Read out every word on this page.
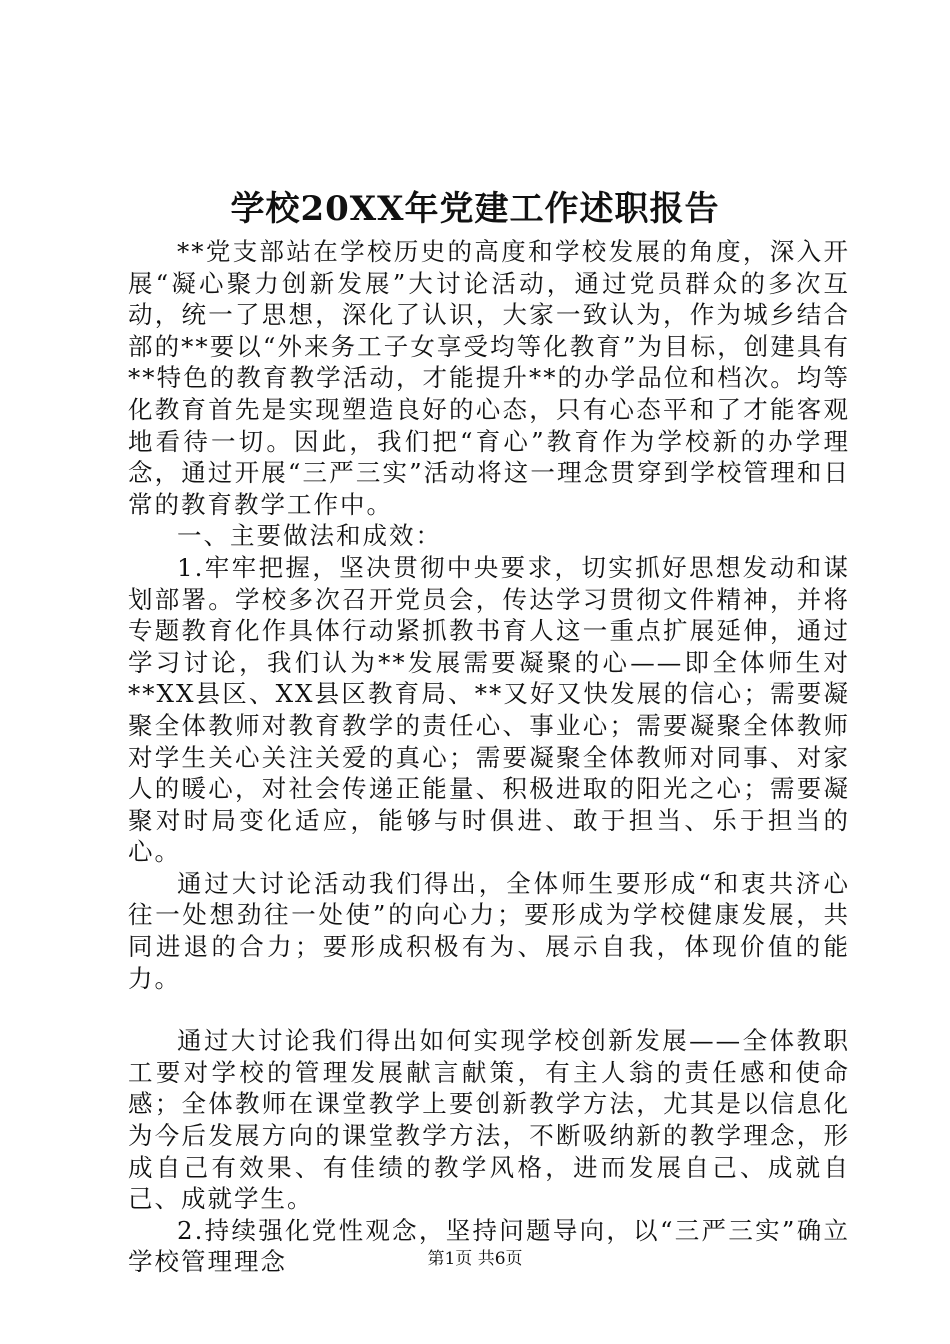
学校20XX年党建工作述职报告

**党支部站在学校历史的高度和学校发展的角度，深入开展“凝心聚力创新发展”大讨论活动，通过党员群众的多次互动，统一了思想，深化了认识，大家一致认为，作为城乡结合部的**要以“外来务工子女享受均等化教育”为目标，创建具有**特色的教育教学活动，才能提升**的办学品位和档次。均等化教育首先是实现塑造良好的心态，只有心态平和了才能客观地看待一切。因此，我们把“育心”教育作为学校新的办学理念，通过开展“三严三实”活动将这一理念贯穿到学校管理和日常的教育教学工作中。

一、主要做法和成效：

1.牢牢把握，坚决贯彻中央要求，切实抓好思想发动和谋划部署。学校多次召开党员会，传达学习贯彻文件精神，并将专题教育化作具体行动紧抓教书育人这一重点扩展延伸，通过学习讨论，我们认为**发展需要凝聚的心——即全体师生对**XX县区、XX县区教育局、**又好又快发展的信心；需要凝聚全体教师对教育教学的责任心、事业心；需要凝聚全体教师对学生关心关注关爱的真心；需要凝聚全体教师对同事、对家人的暖心，对社会传递正能量、积极进取的阳光之心；需要凝聚对时局变化适应，能够与时俱进、敢于担当、乐于担当的心。

通过大讨论活动我们得出，全体师生要形成“和衷共济心往一处想劲往一处使”的向心力；要形成为学校健康发展，共同进退的合力；要形成积极有为、展示自我，体现价值的能力。

通过大讨论我们得出如何实现学校创新发展——全体教职工要对学校的管理发展献言献策，有主人翁的责任感和使命感；全体教师在课堂教学上要创新教学方法，尤其是以信息化为今后发展方向的课堂教学方法，不断吸纳新的教学理念，形成自己有效果、有佳绩的教学风格，进而发展自己、成就自己、成就学生。

2.持续强化党性观念，坚持问题导向，以“三严三实”确立学校管理理念	第1页 共6页
